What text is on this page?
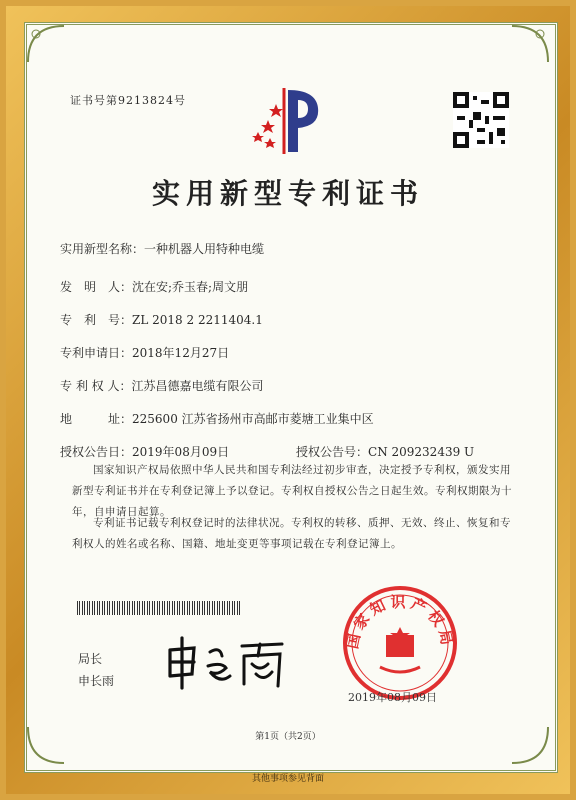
证书号第9213824号
实用新型专利证书
实用新型名称：一种机器人用特种电缆
发　明　人：沈在安;乔玉春;周文朋
专　利　号：ZL 2018 2 2211404.1
专利申请日：2018年12月27日
专 利 权 人：江苏昌德嘉电缆有限公司
地　　　址：225600 江苏省扬州市高邮市菱塘工业集中区
授权公告日：2019年08月09日	授权公告号：CN 209232439 U
国家知识产权局依照中华人民共和国专利法经过初步审查，决定授予专利权，颁发实用新型专利证书并在专利登记簿上予以登记。专利权自授权公告之日起生效。专利权期限为十年，自申请日起算。
专利证书记载专利权登记时的法律状况。专利权的转移、质押、无效、终止、恢复和专利权人的姓名或名称、国籍、地址变更等事项记载在专利登记簿上。
局长
申长雨
国家知识产权局
2019年08月09日
第1页（共2页）
其他事项参见背面
